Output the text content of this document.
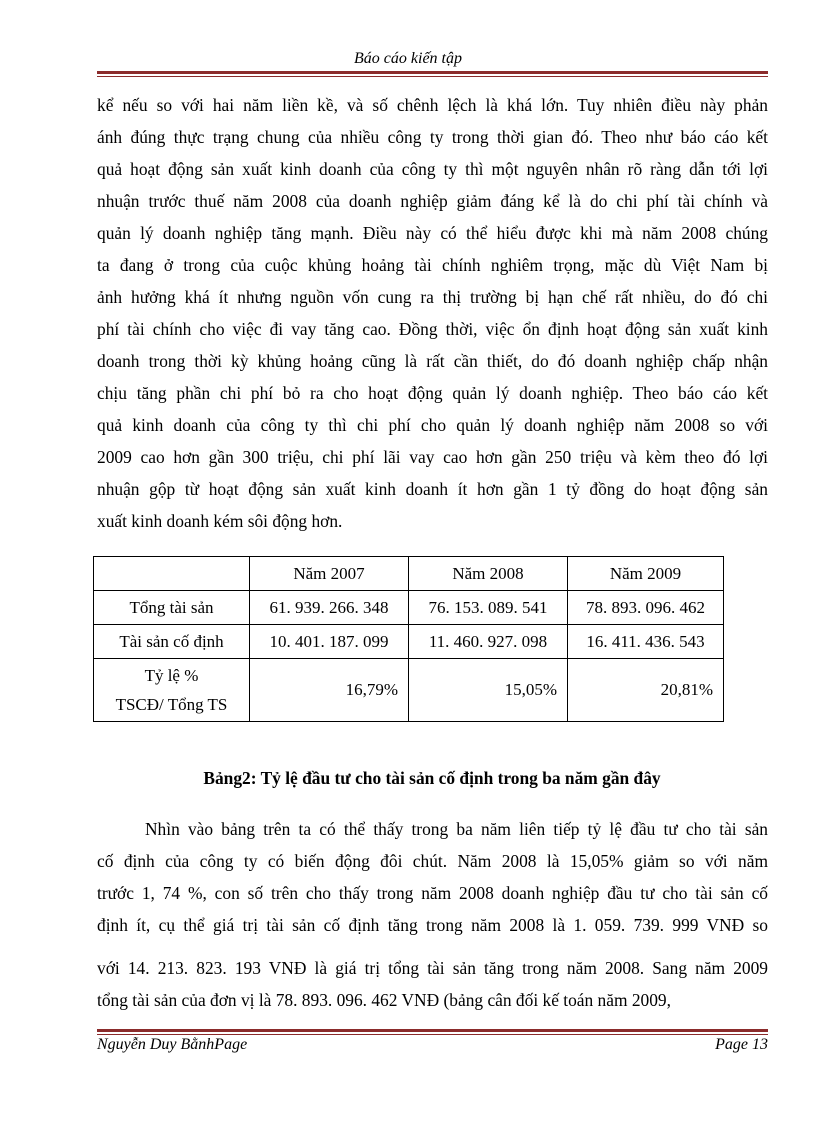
Báo cáo kiến tập
kể nếu so với hai năm liền kề, và số chênh lệch là khá lớn. Tuy nhiên điều này phản
ánh đúng thực trạng chung của nhiều công ty trong thời gian đó. Theo như báo cáo kết
quả hoạt động sản xuất kinh doanh của công ty thì một nguyên nhân rõ ràng dẫn tới lợi
nhuận trước thuế năm 2008 của doanh nghiệp giảm đáng kể là do chi phí tài chính và
quản lý doanh nghiệp tăng mạnh. Điều này có thể hiểu được khi mà năm 2008 chúng
ta đang ở trong của cuộc khủng hoảng tài chính nghiêm trọng, mặc dù Việt Nam bị
ảnh hưởng khá ít nhưng nguồn vốn cung ra thị trường bị hạn chế rất nhiều, do đó chi
phí tài chính cho việc đi vay tăng cao. Đồng thời, việc ổn định hoạt động sản xuất kinh
doanh trong thời kỳ khủng hoảng cũng là rất cần thiết, do đó doanh nghiệp chấp nhận
chịu tăng phần chi phí bỏ ra cho hoạt động quản lý doanh nghiệp. Theo báo cáo kết
quả kinh doanh của công ty thì chi phí cho quản lý doanh nghiệp năm 2008 so với
2009 cao hơn gần 300 triệu, chi phí lãi vay cao hơn gần 250 triệu và kèm theo đó lợi
nhuận gộp từ hoạt động sản xuất kinh doanh ít hơn gần 1 tỷ đồng do hoạt động sản
xuất kinh doanh kém sôi động hơn.
	Năm 2007	Năm 2008	Năm 2009
Tổng tài sản	61. 939. 266. 348	76. 153. 089. 541	78. 893. 096. 462
Tài sản cố định	10. 401. 187. 099	11. 460. 927. 098	16. 411. 436. 543

Tỷ lệ %
TSCĐ/ Tổng TS	16,79%	15,05%	20,81%
Bảng2: Tỷ lệ đầu tư cho tài sản cố định trong ba năm gần đây
Nhìn vào bảng trên ta có thể thấy trong ba năm liên tiếp tỷ lệ đầu tư cho tài sản
cố định của công ty có biến động đôi chút. Năm 2008 là 15,05% giảm so với năm
trước 1, 74 %, con số trên cho thấy trong năm 2008 doanh nghiệp đầu tư cho tài sản cố
định ít, cụ thể giá trị tài sản cố định tăng trong năm 2008 là 1. 059. 739. 999 VNĐ so
với 14. 213. 823. 193 VNĐ là giá trị tổng tài sản tăng trong năm 2008. Sang năm 2009
tổng tài sản của đơn vị là 78. 893. 096. 462 VNĐ (bảng cân đối kế toán năm 2009,
Nguyễn Duy BằnhPage	Page 13
